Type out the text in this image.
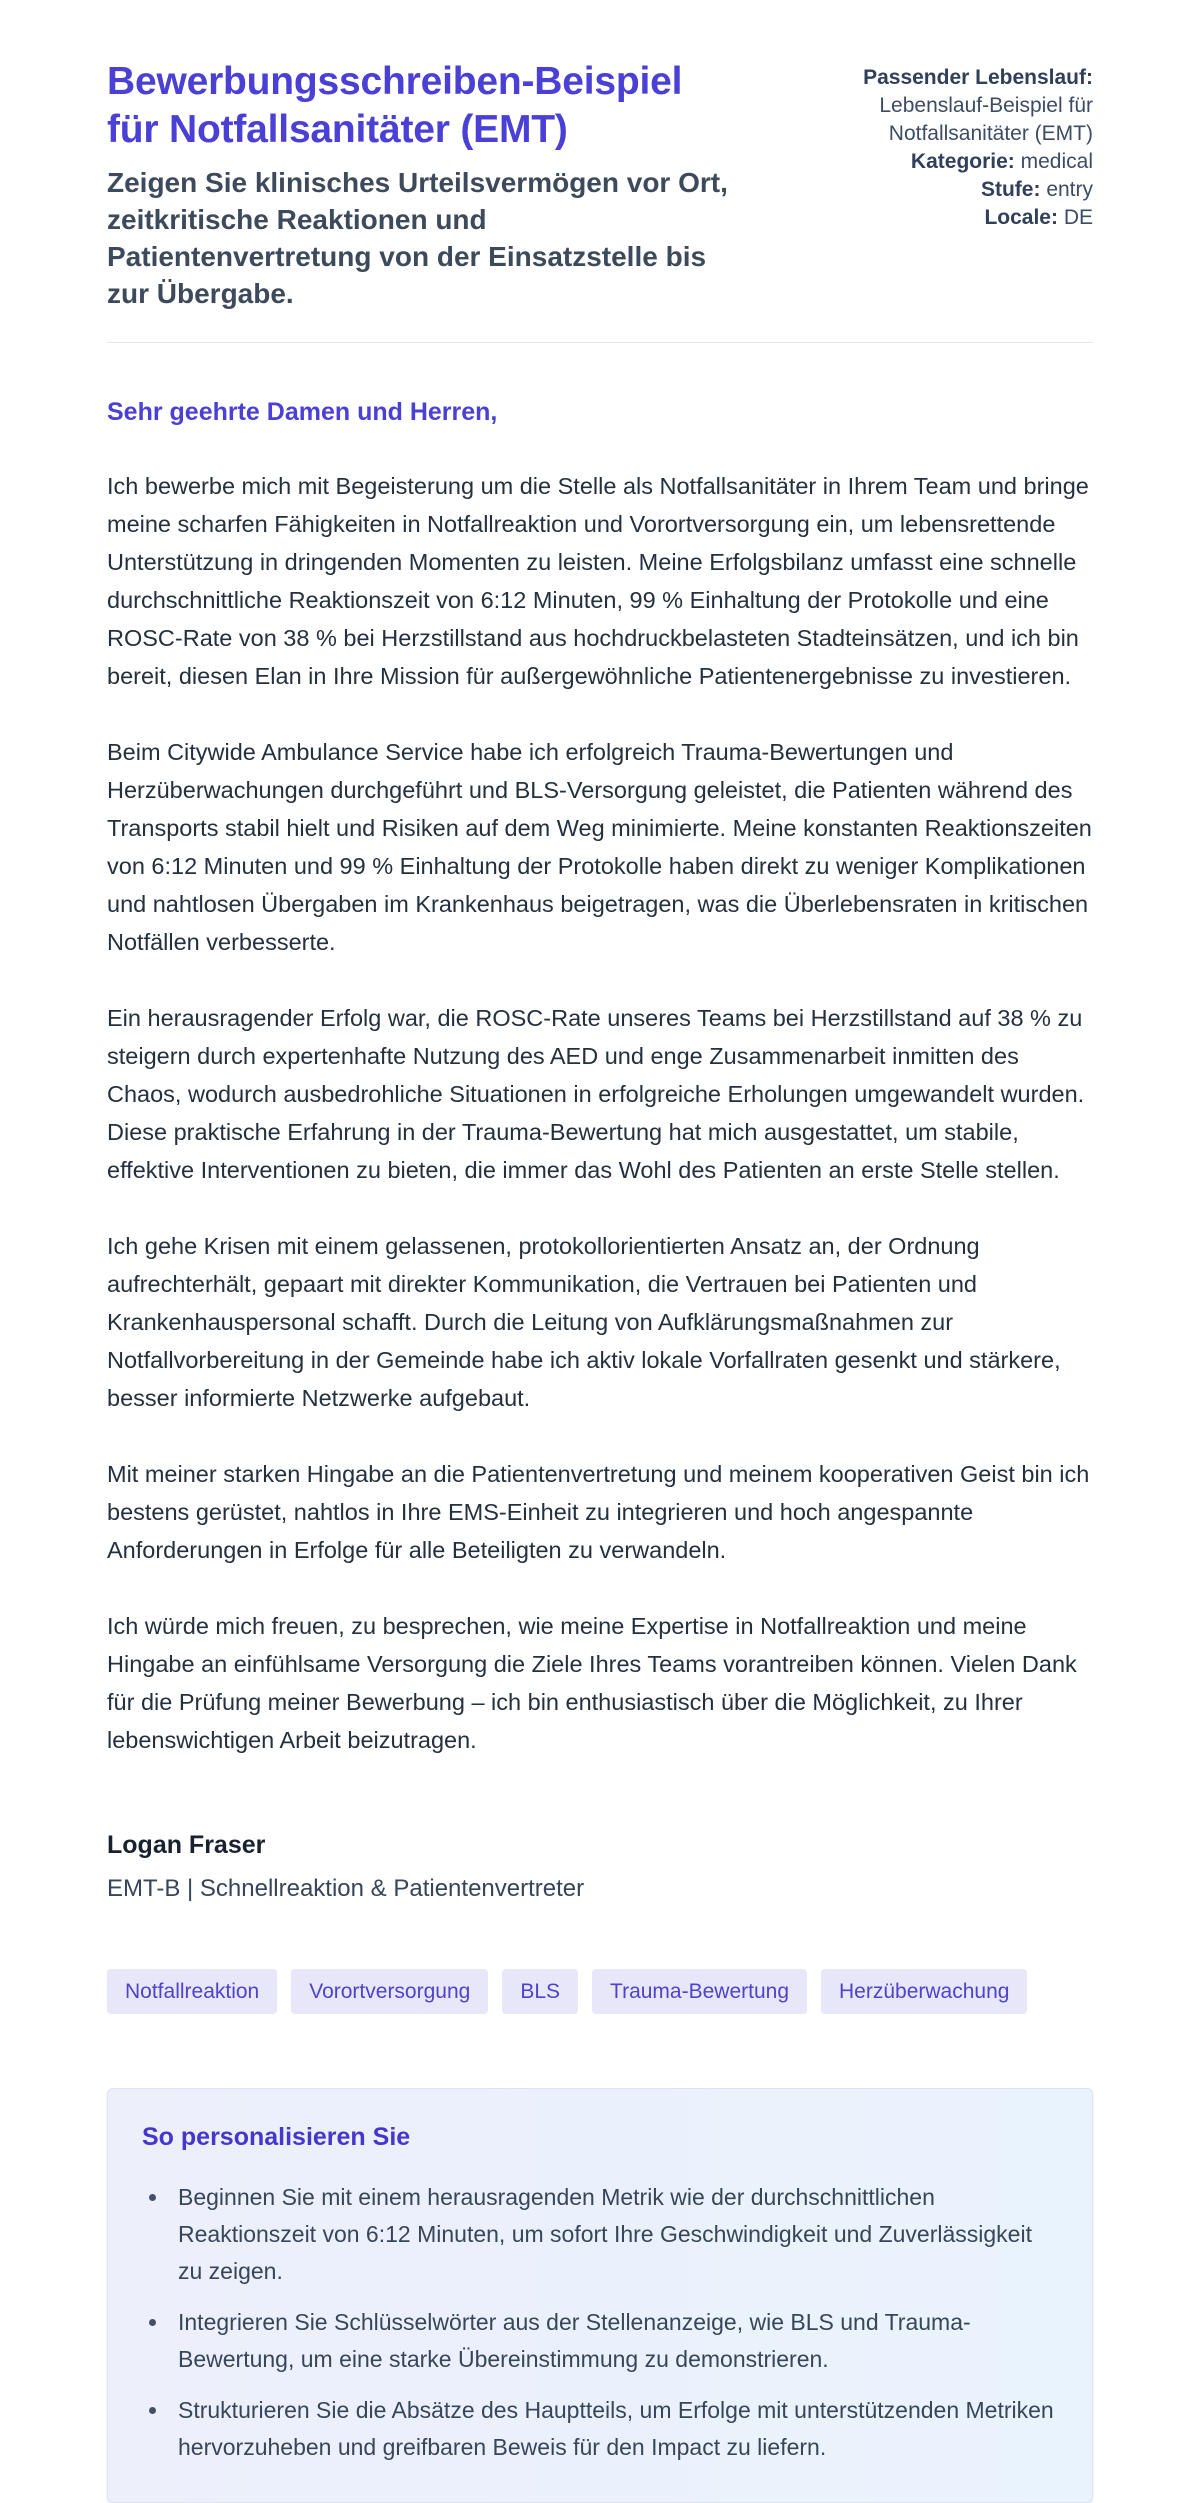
Bewerbungsschreiben-Beispiel für Notfallsanitäter (EMT)
Zeigen Sie klinisches Urteilsvermögen vor Ort, zeitkritische Reaktionen und Patientenvertretung von der Einsatzstelle bis zur Übergabe.
Passender Lebenslauf: Lebenslauf-Beispiel für Notfallsanitäter (EMT)
Kategorie: medical
Stufe: entry
Locale: DE

Sehr geehrte Damen und Herren,

Ich bewerbe mich mit Begeisterung um die Stelle als Notfallsanitäter in Ihrem Team und bringe meine scharfen Fähigkeiten in Notfallreaktion und Vorortversorgung ein, um lebensrettende Unterstützung in dringenden Momenten zu leisten. Meine Erfolgsbilanz umfasst eine schnelle durchschnittliche Reaktionszeit von 6:12 Minuten, 99 % Einhaltung der Protokolle und eine ROSC-Rate von 38 % bei Herzstillstand aus hochdruckbelasteten Stadteinsätzen, und ich bin bereit, diesen Elan in Ihre Mission für außergewöhnliche Patientenergebnisse zu investieren.

Beim Citywide Ambulance Service habe ich erfolgreich Trauma-Bewertungen und Herzüberwachungen durchgeführt und BLS-Versorgung geleistet, die Patienten während des Transports stabil hielt und Risiken auf dem Weg minimierte. Meine konstanten Reaktionszeiten von 6:12 Minuten und 99 % Einhaltung der Protokolle haben direkt zu weniger Komplikationen und nahtlosen Übergaben im Krankenhaus beigetragen, was die Überlebensraten in kritischen Notfällen verbesserte.

Ein herausragender Erfolg war, die ROSC-Rate unseres Teams bei Herzstillstand auf 38 % zu steigern durch expertenhafte Nutzung des AED und enge Zusammenarbeit inmitten des Chaos, wodurch ausbedrohliche Situationen in erfolgreiche Erholungen umgewandelt wurden. Diese praktische Erfahrung in der Trauma-Bewertung hat mich ausgestattet, um stabile, effektive Interventionen zu bieten, die immer das Wohl des Patienten an erste Stelle stellen.

Ich gehe Krisen mit einem gelassenen, protokollorientierten Ansatz an, der Ordnung aufrechterhält, gepaart mit direkter Kommunikation, die Vertrauen bei Patienten und Krankenhauspersonal schafft. Durch die Leitung von Aufklärungsmaßnahmen zur Notfallvorbereitung in der Gemeinde habe ich aktiv lokale Vorfallraten gesenkt und stärkere, besser informierte Netzwerke aufgebaut.

Mit meiner starken Hingabe an die Patientenvertretung und meinem kooperativen Geist bin ich bestens gerüstet, nahtlos in Ihre EMS-Einheit zu integrieren und hoch angespannte Anforderungen in Erfolge für alle Beteiligten zu verwandeln.

Ich würde mich freuen, zu besprechen, wie meine Expertise in Notfallreaktion und meine Hingabe an einfühlsame Versorgung die Ziele Ihres Teams vorantreiben können. Vielen Dank für die Prüfung meiner Bewerbung – ich bin enthusiastisch über die Möglichkeit, zu Ihrer lebenswichtigen Arbeit beizutragen.

Logan Fraser

EMT-B | Schnellreaktion & Patientenvertreter

Notfallreaktion	Vorortversorgung	BLS	Trauma-Bewertung	Herzüberwachung
So personalisieren Sie
• Beginnen Sie mit einem herausragenden Metrik wie der durchschnittlichen Reaktionszeit von 6:12 Minuten, um sofort Ihre Geschwindigkeit und Zuverlässigkeit zu zeigen.
• Integrieren Sie Schlüsselwörter aus der Stellenanzeige, wie BLS und Trauma-Bewertung, um eine starke Übereinstimmung zu demonstrieren.
• Strukturieren Sie die Absätze des Hauptteils, um Erfolge mit unterstützenden Metriken hervorzuheben und greifbaren Beweis für den Impact zu liefern.
